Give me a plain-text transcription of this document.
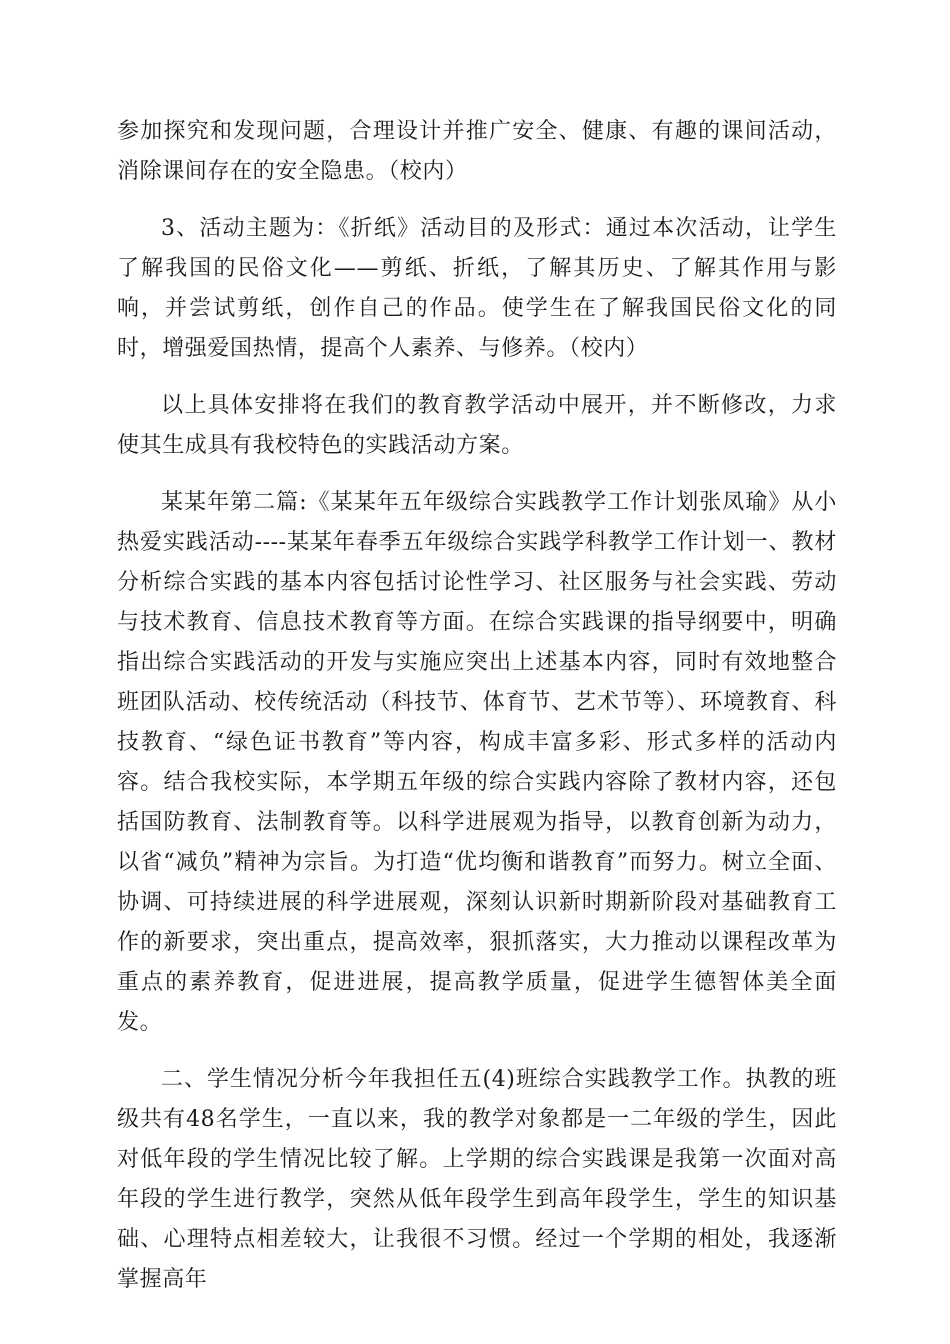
参加探究和发现问题，合理设计并推广安全、健康、有趣的课间活动，消除课间存在的安全隐患。（校内）

3、活动主题为：《折纸》活动目的及形式：通过本次活动，让学生了解我国的民俗文化——剪纸、折纸，了解其历史、了解其作用与影响，并尝试剪纸，创作自己的作品。使学生在了解我国民俗文化的同时，增强爱国热情，提高个人素养、与修养。（校内）

以上具体安排将在我们的教育教学活动中展开，并不断修改，力求使其生成具有我校特色的实践活动方案。

某某年第二篇:《某某年五年级综合实践教学工作计划张凤瑜》从小热爱实践活动----某某年春季五年级综合实践学科教学工作计划一、教材分析综合实践的基本内容包括讨论性学习、社区服务与社会实践、劳动与技术教育、信息技术教育等方面。在综合实践课的指导纲要中，明确指出综合实践活动的开发与实施应突出上述基本内容，同时有效地整合班团队活动、校传统活动（科技节、体育节、艺术节等）、环境教育、科技教育、“绿色证书教育”等内容，构成丰富多彩、形式多样的活动内容。结合我校实际，本学期五年级的综合实践内容除了教材内容，还包括国防教育、法制教育等。以科学进展观为指导，以教育创新为动力，以省“减负”精神为宗旨。为打造“优均衡和谐教育”而努力。树立全面、协调、可持续进展的科学进展观，深刻认识新时期新阶段对基础教育工作的新要求，突出重点，提高效率，狠抓落实，大力推动以课程改革为重点的素养教育，促进进展，提高教学质量，促进学生德智体美全面发。

二、学生情况分析今年我担任五(4)班综合实践教学工作。执教的班级共有48名学生，一直以来，我的教学对象都是一二年级的学生，因此对低年段的学生情况比较了解。上学期的综合实践课是我第一次面对高年段的学生进行教学，突然从低年段学生到高年段学生，学生的知识基础、心理特点相差较大，让我很不习惯。经过一个学期的相处，我逐渐掌握高年
